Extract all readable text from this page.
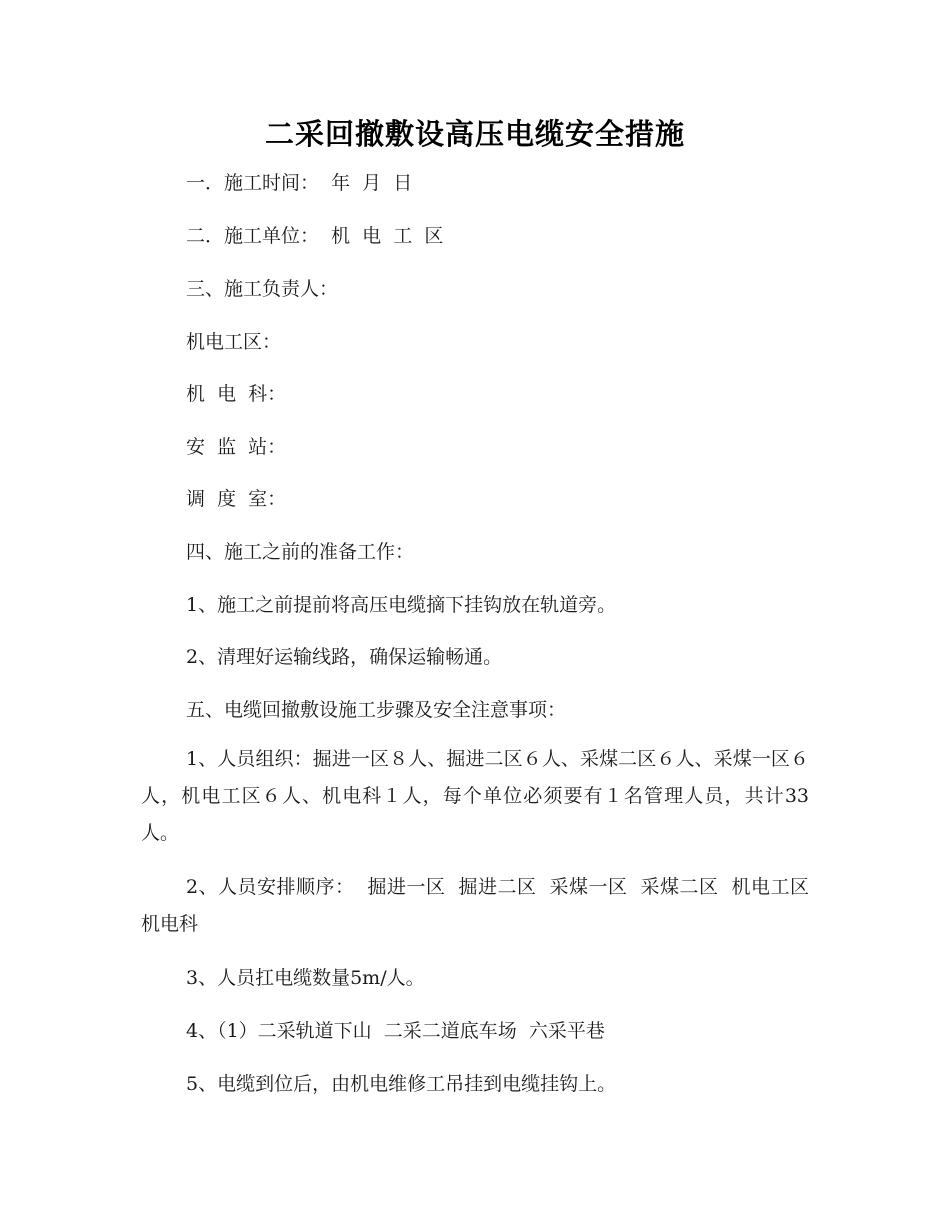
二采回撤敷设高压电缆安全措施
一．施工时间：  年  月  日
二．施工单位：  机  电  工  区
三、施工负责人：
机电工区：
机  电  科：
安  监  站：
调  度  室：
四、施工之前的准备工作：
1、施工之前提前将高压电缆摘下挂钩放在轨道旁。
2、清理好运输线路，确保运输畅通。
五、电缆回撤敷设施工步骤及安全注意事项：
1、人员组织：掘进一区８人、掘进二区６人、采煤二区６人、采煤一区６人，机电工区６人、机电科１人，每个单位必须要有１名管理人员，共计33人。
2、人员安排顺序：  掘进一区  掘进二区  采煤一区  采煤二区  机电工区  机电科
3、人员扛电缆数量5m/人。
4、（1）二采轨道下山  二采二道底车场  六采平巷
5、电缆到位后，由机电维修工吊挂到电缆挂钩上。
